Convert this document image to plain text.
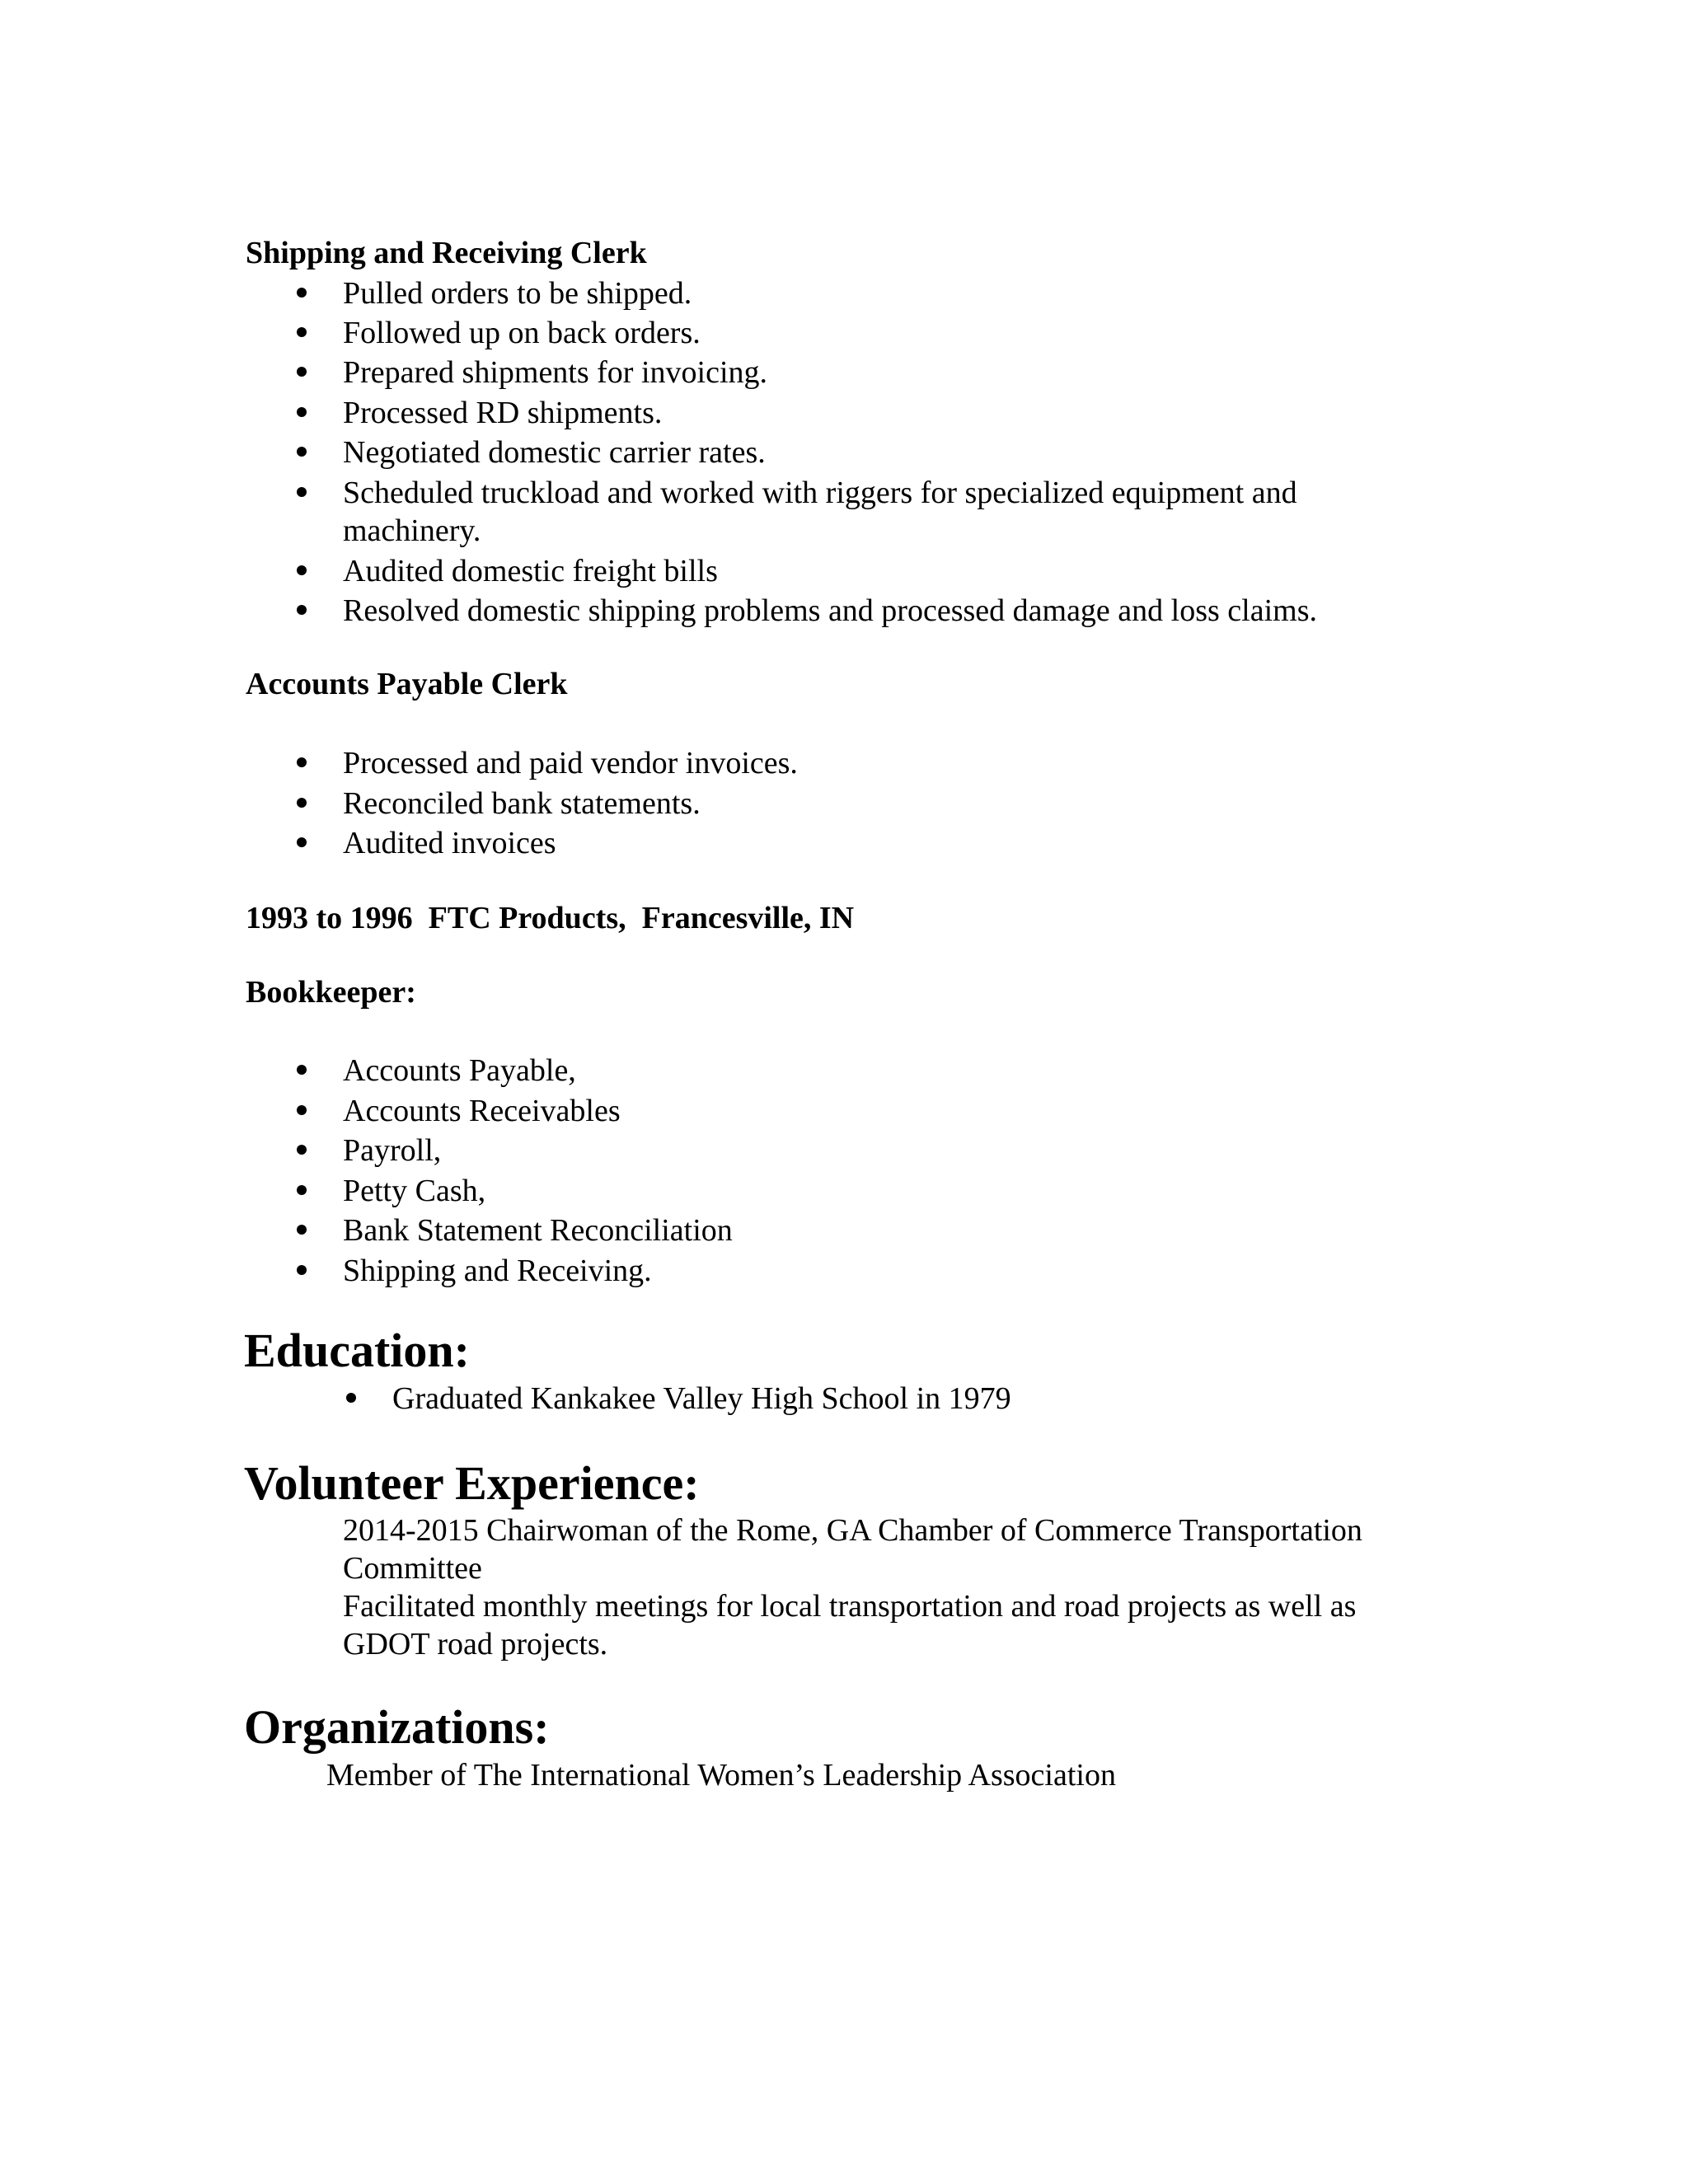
Shipping and Receiving Clerk
Pulled orders to be shipped.
Followed up on back orders.
Prepared shipments for invoicing.
Processed RD shipments.
Negotiated domestic carrier rates.
Scheduled truckload and worked with riggers for specialized equipment and
machinery.
Audited domestic freight bills
Resolved domestic shipping problems and processed damage and loss claims.
Accounts Payable Clerk
Processed and paid vendor invoices.
Reconciled bank statements.
Audited invoices
1993 to 1996  FTC Products,  Francesville, IN
Bookkeeper:
Accounts Payable,
Accounts Receivables
Payroll,
Petty Cash,
Bank Statement Reconciliation
Shipping and Receiving.
Education:
Graduated Kankakee Valley High School in 1979
Volunteer Experience:
2014-2015 Chairwoman of the Rome, GA Chamber of Commerce Transportation
Committee
Facilitated monthly meetings for local transportation and road projects as well as
GDOT road projects.
Organizations:
Member of The International Women’s Leadership Association
